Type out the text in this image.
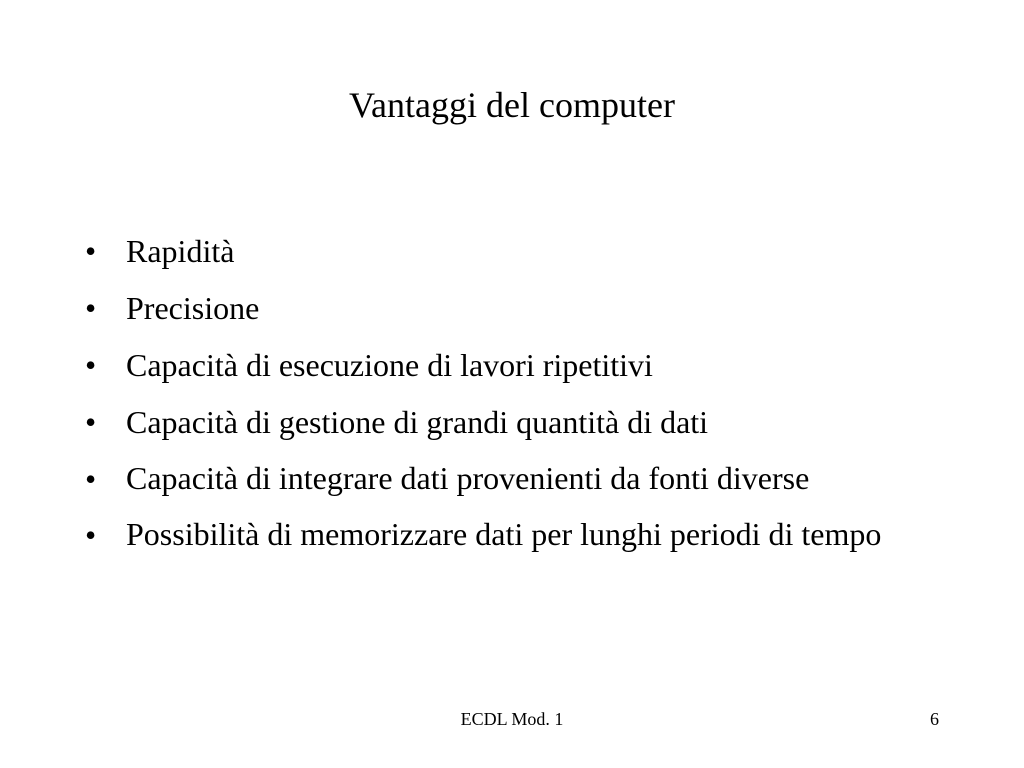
Vantaggi del computer
• Rapidità
• Precisione
• Capacità di esecuzione di lavori ripetitivi
• Capacità di gestione di grandi quantità di dati
• Capacità di integrare dati provenienti da fonti diverse
• Possibilità di memorizzare dati per lunghi periodi di tempo
ECDL Mod. 1	6
